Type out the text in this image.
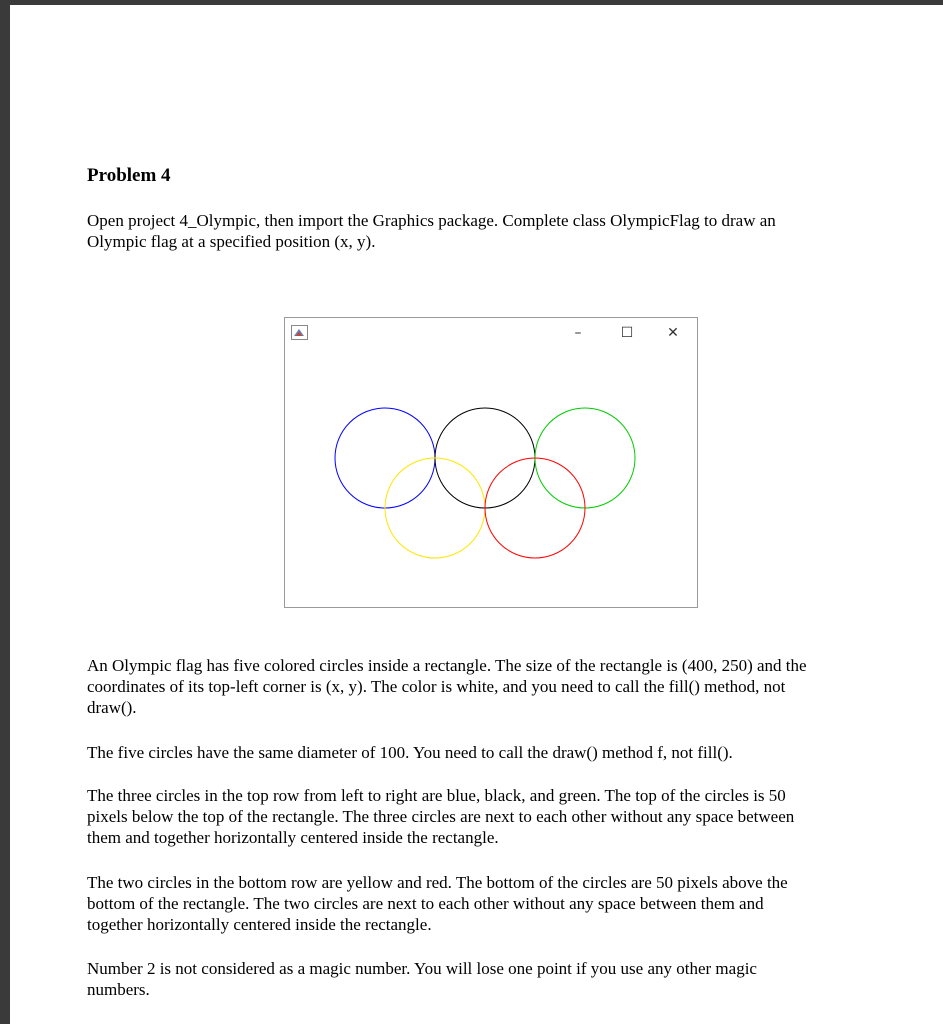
Problem 4

Open project 4_Olympic, then import the Graphics package. Complete class OlympicFlag to draw an
Olympic flag at a specified position (x, y).

–	☐	✕

An Olympic flag has five colored circles inside a rectangle. The size of the rectangle is (400, 250) and the
coordinates of its top-left corner is (x, y). The color is white, and you need to call the fill() method, not
draw().

The five circles have the same diameter of 100. You need to call the draw() method f, not fill().

The three circles in the top row from left to right are blue, black, and green. The top of the circles is 50
pixels below the top of the rectangle. The three circles are next to each other without any space between
them and together horizontally centered inside the rectangle.

The two circles in the bottom row are yellow and red. The bottom of the circles are 50 pixels above the
bottom of the rectangle. The two circles are next to each other without any space between them and
together horizontally centered inside the rectangle.

Number 2 is not considered as a magic number. You will lose one point if you use any other magic
numbers.
